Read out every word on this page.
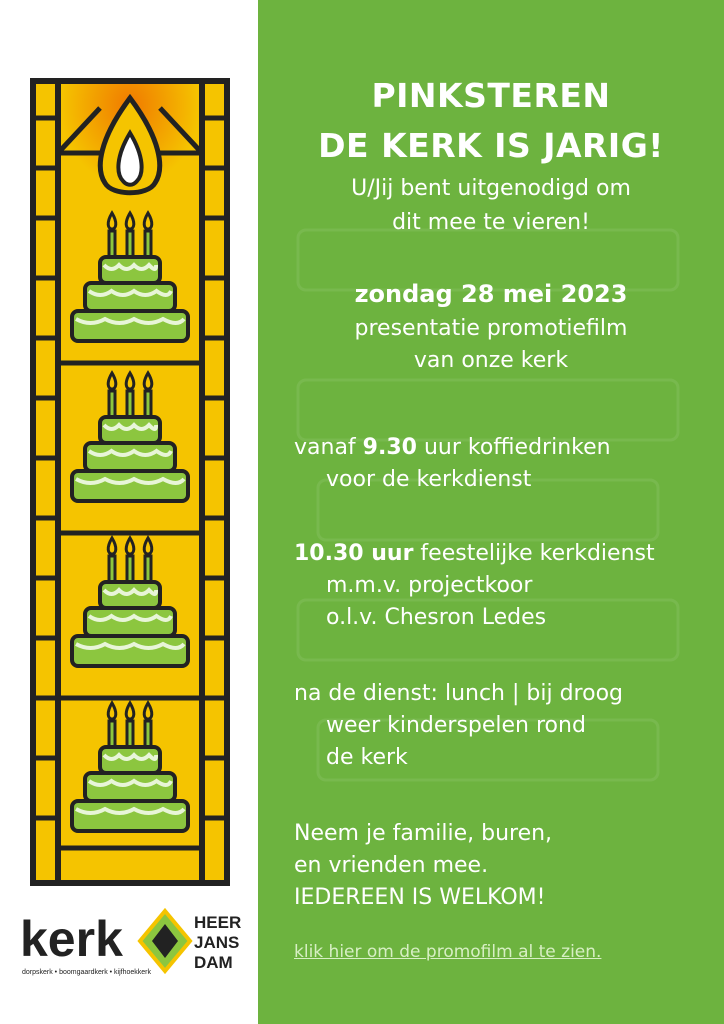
kerk
dorpskerk • boomgaardkerk • kijfhoekkerk
HEER
JANS
DAM
PINKSTEREN
DE KERK IS JARIG!
U/Jij bent uitgenodigd om
dit mee te vieren!
zondag 28 mei 2023
presentatie promotiefilm
van onze kerk
vanaf 9.30 uur koffiedrinken
voor de kerkdienst
10.30 uur feestelijke kerkdienst
m.m.v. projectkoor
o.l.v. Chesron Ledes
na de dienst: lunch | bij droog
weer kinderspelen rond
de kerk
Neem je familie, buren,
en vrienden mee.
IEDEREEN IS WELKOM!
klik hier om de promofilm al te zien.
